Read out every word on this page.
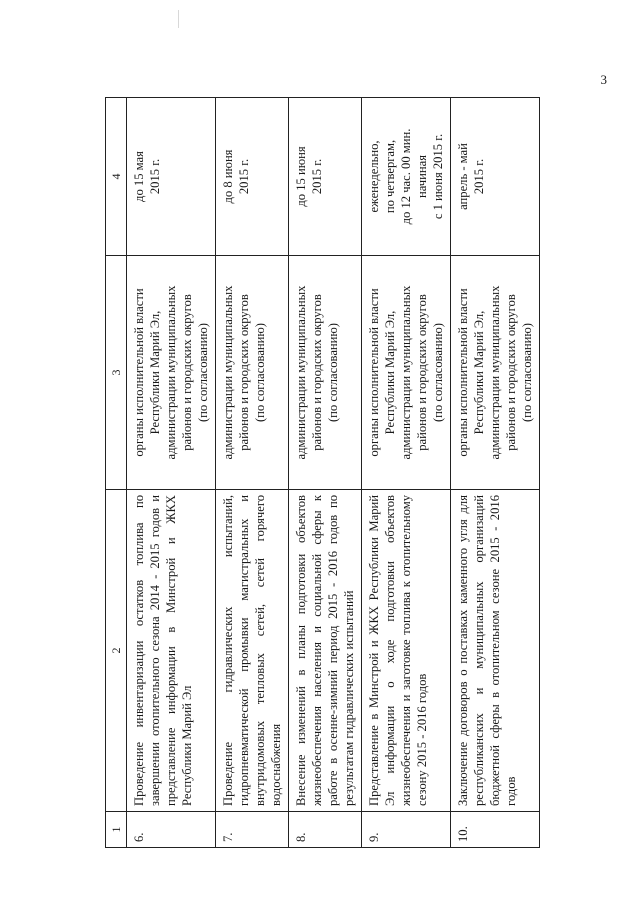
3
1	2	3	4
6.	Проведение инвентаризации остатков топлива по завершении отопительного сезона 2014 - 2015 годов и представление информации в Минстрой и ЖКХ Республики Марий Эл	органы исполнительной власти Республики Марий Эл, администрации муниципальных районов и городских округов (по согласованию)	до 15 мая 2015 г.

7.	Проведение гидравлических испытаний, гидропневматической промывки магистральных и внутридомовых тепловых сетей, сетей горячего водоснабжения	администрации муниципальных районов и городских округов (по согласованию)	до 8 июня 2015 г.

8.	Внесение изменений в планы подготовки объектов жизнеобеспечения населения и социальной сферы к работе в осенне-зимний период 2015 - 2016 годов по результатам гидравлических испытаний	администрации муниципальных районов и городских округов (по согласованию)	до 15 июня 2015 г.

9.	Представление в Минстрой и ЖКХ Республики Марий Эл информации о ходе подготовки объектов жизнеобеспечения и заготовке топлива к отопительному сезону 2015 - 2016 годов	органы исполнительной власти Республики Марий Эл, администрации муниципальных районов и городских округов (по согласованию)	еженедельно, по четвергам, до 12 час. 00 мин. начиная с 1 июня 2015 г.

10.	Заключение договоров о поставках каменного угля для республиканских и муниципальных организаций бюджетной сферы в отопительном сезоне 2015 - 2016 годов	органы исполнительной власти Республики Марий Эл, администрации муниципальных районов и городских округов (по согласованию)	апрель - май 2015 г.
